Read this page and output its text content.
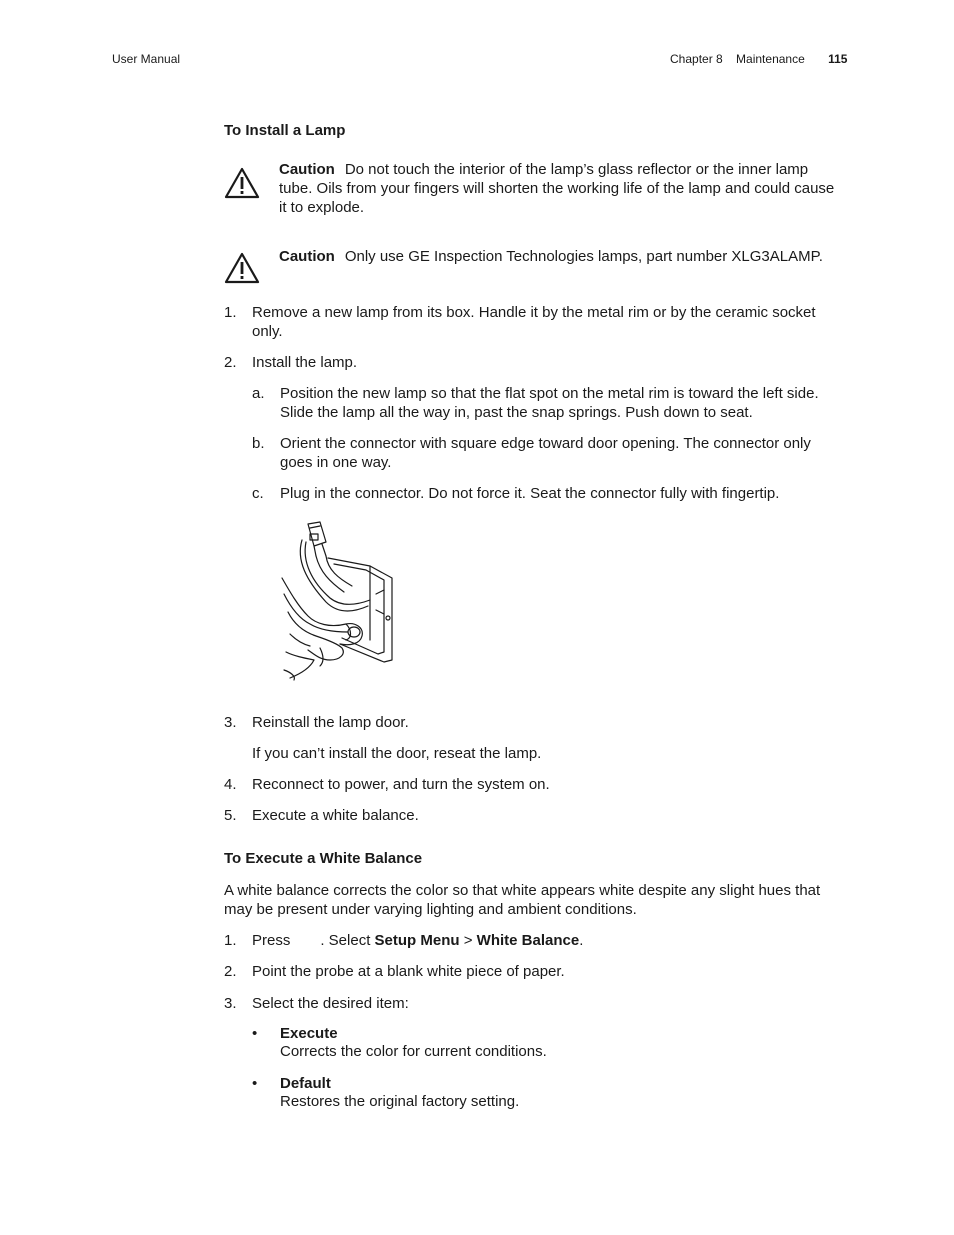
User Manual	Chapter 8 Maintenance 115
To Install a Lamp
Caution Do not touch the interior of the lamp’s glass reflector or the inner lamp tube. Oils from your fingers will shorten the working life of the lamp and could cause it to explode.
Caution Only use GE Inspection Technologies lamps, part number XLG3ALAMP.
1. Remove a new lamp from its box. Handle it by the metal rim or by the ceramic socket only.
2. Install the lamp.
a. Position the new lamp so that the flat spot on the metal rim is toward the left side. Slide the lamp all the way in, past the snap springs. Push down to seat.
b. Orient the connector with square edge toward door opening. The connector only goes in one way.
c. Plug in the connector. Do not force it. Seat the connector fully with fingertip.
3. Reinstall the lamp door.
If you can’t install the door, reseat the lamp.
4. Reconnect to power, and turn the system on.
5. Execute a white balance.
To Execute a White Balance
A white balance corrects the color so that white appears white despite any slight hues that may be present under varying lighting and ambient conditions.
1. Press . Select Setup Menu > White Balance.
2. Point the probe at a blank white piece of paper.
3. Select the desired item:
• Execute
Corrects the color for current conditions.
• Default
Restores the original factory setting.
